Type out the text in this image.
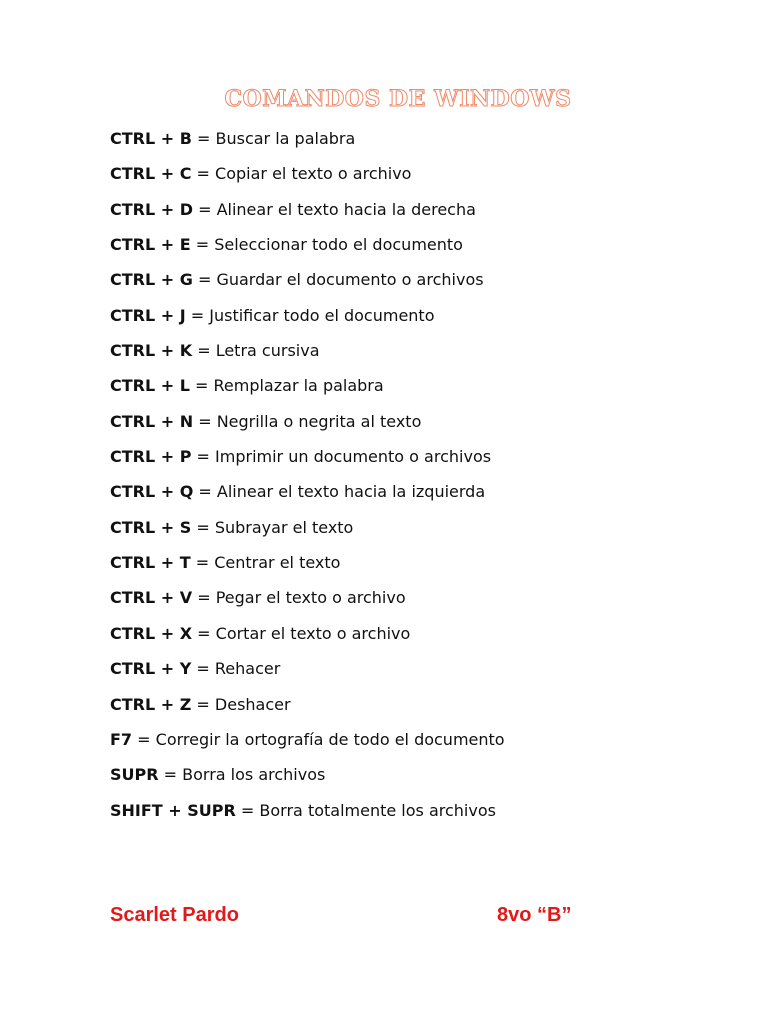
COMANDOS DE WINDOWS
CTRL + B = Buscar la palabra
CTRL + C = Copiar el texto o archivo
CTRL + D = Alinear el texto hacia la derecha
CTRL + E = Seleccionar todo el documento
CTRL + G = Guardar el documento o archivos
CTRL + J = Justificar todo el documento
CTRL + K = Letra cursiva
CTRL + L = Remplazar la palabra
CTRL + N = Negrilla o negrita al texto
CTRL + P = Imprimir un documento o archivos
CTRL + Q = Alinear el texto hacia la izquierda
CTRL + S = Subrayar el texto
CTRL + T = Centrar el texto
CTRL + V = Pegar el texto o archivo
CTRL + X = Cortar el texto o archivo
CTRL + Y = Rehacer
CTRL + Z = Deshacer
F7 = Corregir la ortografía de todo el documento
SUPR = Borra los archivos
SHIFT + SUPR = Borra totalmente los archivos

Scarlet Pardo	8vo “B”
